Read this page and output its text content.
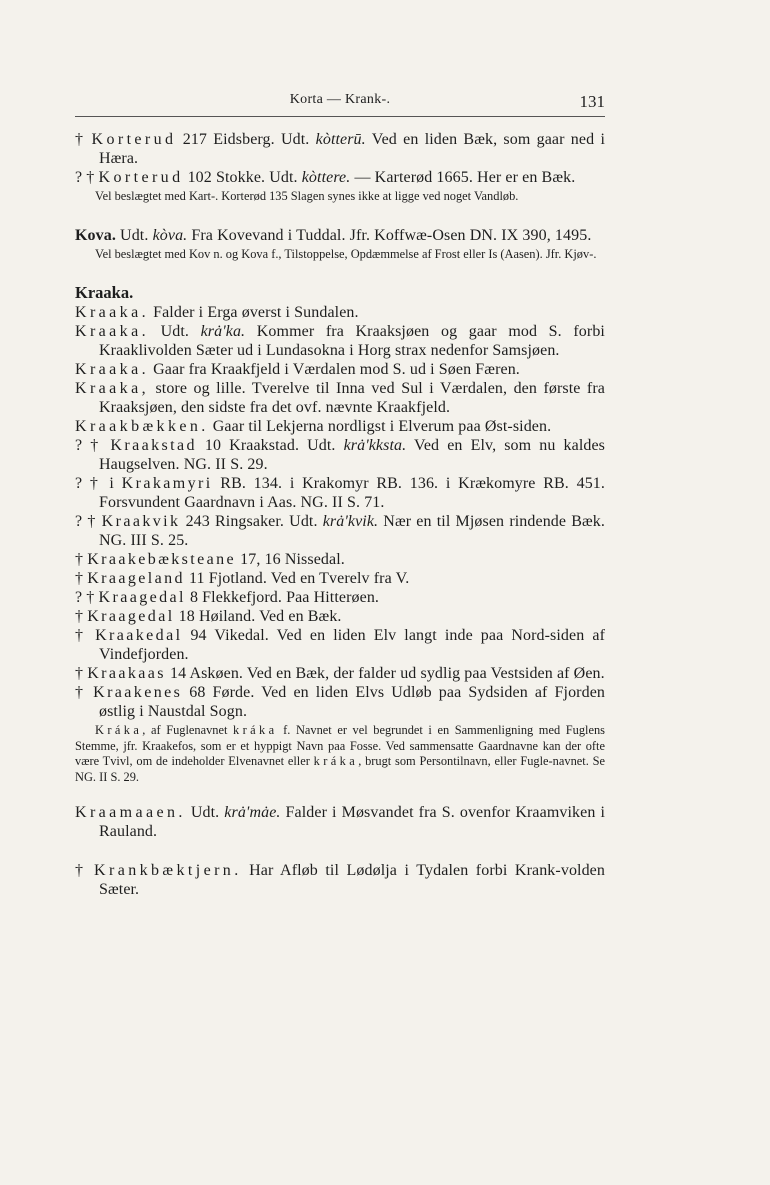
Korta — Krank-.	131

† Korterud 217 Eidsberg. Udt. kòtterū. Ved en liden Bæk, som gaar ned i Hæra.

? † Korterud 102 Stokke. Udt. kòttere. — Karterød 1665. Her er en Bæk.

Vel beslægtet med Kart-. Korterød 135 Slagen synes ikke at ligge ved noget Vandløb.

Kova. Udt. kòva. Fra Kovevand i Tuddal. Jfr. Koffwæ-Osen DN. IX 390, 1495.

Vel beslægtet med Kov n. og Kova f., Tilstoppelse, Opdæmmelse af Frost eller Is (Aasen). Jfr. Kjøv-.

Kraaka.

Kraaka. Falder i Erga øverst i Sundalen.

Kraaka. Udt. krȧ'ka. Kommer fra Kraaksjøen og gaar mod S. forbi Kraaklivolden Sæter ud i Lundasokna i Horg strax nedenfor Samsjøen.

Kraaka. Gaar fra Kraakfjeld i Værdalen mod S. ud i Søen Færen.

Kraaka, store og lille. Tverelve til Inna ved Sul i Værdalen, den første fra Kraaksjøen, den sidste fra det ovf. nævnte Kraakfjeld.

Kraakbækken. Gaar til Lekjerna nordligst i Elverum paa Øst-siden.

? † Kraakstad 10 Kraakstad. Udt. krȧ'kksta. Ved en Elv, som nu kaldes Haugselven. NG. II S. 29.

? † i Krakamyri RB. 134. i Krakomyr RB. 136. i Krækomyre RB. 451. Forsvundent Gaardnavn i Aas. NG. II S. 71.

? † Kraakvik 243 Ringsaker. Udt. krȧ'kvik. Nær en til Mjøsen rindende Bæk. NG. III S. 25.

† Kraakebæksteane 17, 16 Nissedal.

† Kraageland 11 Fjotland. Ved en Tverelv fra V.

? † Kraagedal 8 Flekkefjord. Paa Hitterøen.

† Kraagedal 18 Høiland. Ved en Bæk.

† Kraakedal 94 Vikedal. Ved en liden Elv langt inde paa Nord-siden af Vindefjorden.

† Kraakaas 14 Askøen. Ved en Bæk, der falder ud sydlig paa Vestsiden af Øen.

† Kraakenes 68 Førde. Ved en liden Elvs Udløb paa Sydsiden af Fjorden østlig i Naustdal Sogn.

Kráka, af Fuglenavnet kráka f. Navnet er vel begrundet i en Sammenligning med Fuglens Stemme, jfr. Kraakefos, som er et hyppigt Navn paa Fosse. Ved sammensatte Gaardnavne kan der ofte være Tvivl, om de indeholder Elvenavnet eller kráka, brugt som Persontilnavn, eller Fugle-navnet. Se NG. II S. 29.

Kraamaaen. Udt. krȧ'mȧe. Falder i Møsvandet fra S. ovenfor Kraamviken i Rauland.

† Krankbæktjern. Har Afløb til Lødølja i Tydalen forbi Krank-volden Sæter.
